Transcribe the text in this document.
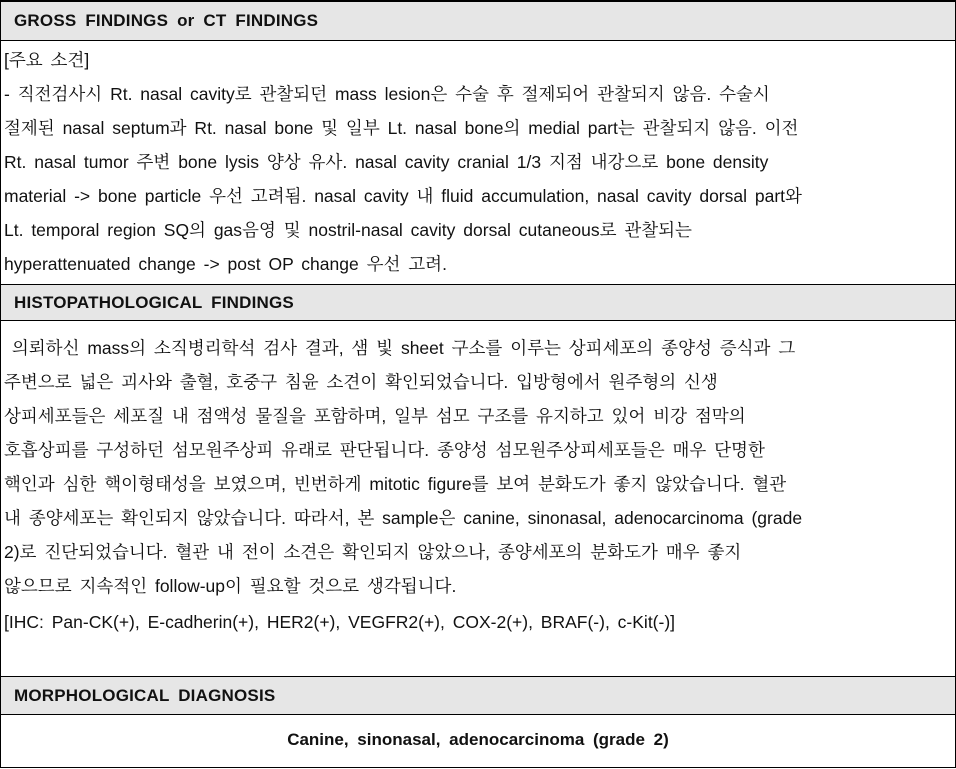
GROSS FINDINGS or CT FINDINGS
[주요 소견]
- 직전검사시 Rt. nasal cavity로 관찰되던 mass lesion은 수술 후 절제되어 관찰되지 않음. 수술시
절제된 nasal septum과 Rt. nasal bone 및 일부 Lt. nasal bone의 medial part는 관찰되지 않음. 이전
Rt. nasal tumor 주변 bone lysis 양상 유사. nasal cavity cranial 1/3 지점 내강으로 bone density
material -> bone particle 우선 고려됨. nasal cavity 내 fluid accumulation, nasal cavity dorsal part와
Lt. temporal region SQ의 gas음영 및 nostril-nasal cavity dorsal cutaneous로 관찰되는
hyperattenuated change -> post OP change 우선 고려.
HISTOPATHOLOGICAL FINDINGS
의뢰하신 mass의 소직병리학석 검사 결과, 샘 빛 sheet 구소를 이루는 상피세포의 종양성 증식과 그
주변으로 넓은 괴사와 출혈, 호중구 침윤 소견이 확인되었습니다. 입방형에서 원주형의 신생
상피세포들은 세포질 내 점액성 물질을 포함하며, 일부 섬모 구조를 유지하고 있어 비강 점막의
호흡상피를 구성하던 섬모원주상피 유래로 판단됩니다. 종양성 섬모원주상피세포들은 매우 단명한
핵인과 심한 핵이형태성을 보였으며, 빈번하게 mitotic figure를 보여 분화도가 좋지 않았습니다. 혈관
내 종양세포는 확인되지 않았습니다. 따라서, 본 sample은 canine, sinonasal, adenocarcinoma (grade
2)로 진단되었습니다. 혈관 내 전이 소견은 확인되지 않았으나, 종양세포의 분화도가 매우 좋지
않으므로 지속적인 follow-up이 필요할 것으로 생각됩니다.
[IHC: Pan-CK(+), E-cadherin(+), HER2(+), VEGFR2(+), COX-2(+), BRAF(-), c-Kit(-)]
MORPHOLOGICAL DIAGNOSIS
Canine, sinonasal, adenocarcinoma (grade 2)
